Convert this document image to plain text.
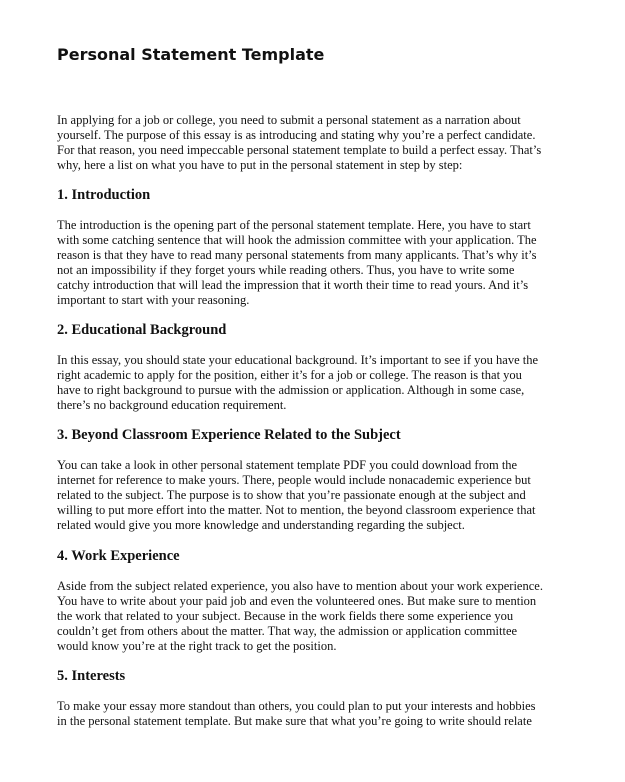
Personal Statement Template

In applying for a job or college, you need to submit a personal statement as a narration about
yourself. The purpose of this essay is as introducing and stating why you’re a perfect candidate.
For that reason, you need impeccable personal statement template to build a perfect essay. That’s
why, here a list on what you have to put in the personal statement in step by step:

1. Introduction

The introduction is the opening part of the personal statement template. Here, you have to start
with some catching sentence that will hook the admission committee with your application. The
reason is that they have to read many personal statements from many applicants. That’s why it’s
not an impossibility if they forget yours while reading others. Thus, you have to write some
catchy introduction that will lead the impression that it worth their time to read yours. And it’s
important to start with your reasoning.

2. Educational Background

In this essay, you should state your educational background. It’s important to see if you have the
right academic to apply for the position, either it’s for a job or college. The reason is that you
have to right background to pursue with the admission or application. Although in some case,
there’s no background education requirement.

3. Beyond Classroom Experience Related to the Subject

You can take a look in other personal statement template PDF you could download from the
internet for reference to make yours. There, people would include nonacademic experience but
related to the subject. The purpose is to show that you’re passionate enough at the subject and
willing to put more effort into the matter. Not to mention, the beyond classroom experience that
related would give you more knowledge and understanding regarding the subject.

4. Work Experience

Aside from the subject related experience, you also have to mention about your work experience.
You have to write about your paid job and even the volunteered ones. But make sure to mention
the work that related to your subject. Because in the work fields there some experience you
couldn’t get from others about the matter. That way, the admission or application committee
would know you’re at the right track to get the position.

5. Interests

To make your essay more standout than others, you could plan to put your interests and hobbies
in the personal statement template. But make sure that what you’re going to write should relate
